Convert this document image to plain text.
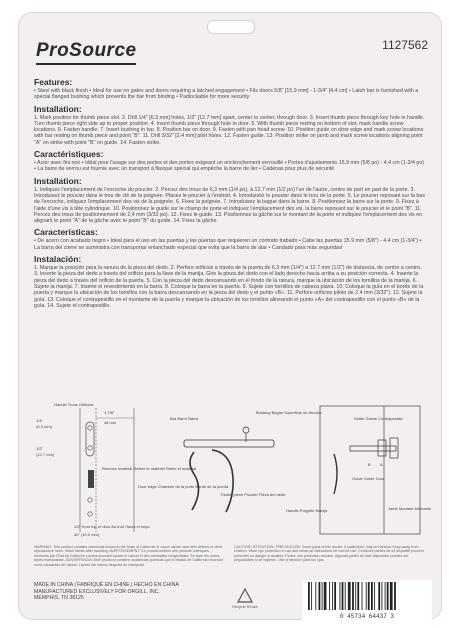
ProSource	1127562
Features:

• Steel with black finish • Ideal for use on gates and doors requiring a latched engagement • Fits doors 5/8" [15.9 mm] - 1-3/4" [4.4 cm] • Latch bar is furnished with a special flanged bushing which prevents the bar from binding • Padlockable for more security

Installation:

1. Mark position for thumb piece slot. 2. Drill 1/4" [6.3 mm] holes, 1/2" [12.7 mm] apart, center to center, through door. 3. Insert thumb piece through key hole in handle. Turn thumb piece right side up to proper position. 4. Insert thumb piece through hole in door. 5. With thumb piece resting on bottom of slot, mark handle screw locations. 6. Fasten handle. 7. Insert bushing in bar. 8. Position bar on door. 9. Fasten with pan head screw. 10. Position guide on door edge and mark screw locations with bar resting on thumb piece and point "B". 11. Drill 3/32" [2.4 mm] pilot holes. 12. Fasten guide. 13. Position strike on jamb and mark screw locations aligning point "A" on strike with point "B" on guide. 14. Fasten strike.

Caractéristiques:

• Acier avec fini noir • Idéal pour l'usage sur des portes et des portes exigeant un enclenchement verrouillé • Portes d'ajustements 15,9 mm (5/8 po) - 4,4 cm (1-3/4 po) • La barre de verrou est fournie avec un transport à flasque spécial qui empêche la barre de lier • Cadenas pour plus de sécurité

Installation:

1. Indiquez l'emplacement de l'encoche du poucier. 2. Percez des trous de 6,3 mm (1/4 po), à 12,7 mm (1/2 po) l'un de l'autre, centre de part en part de la porte. 3. Introduisez le poucier dans le trou de clé de la poignée. Placez le poucier à l'endroit. 4. Introduisez le poucier dans le trou de la porte. 5. Le poucier reposant sur la bas de l'encoche, indiquez l'emplacement des vis de la poignée. 6. Fixez la poignée. 7. Introduisez la bague dans la barre. 8. Positionnez la barre sur la porte. 9. Fixez à l'aide d'une vis à tête cylindrique. 10. Positionnez le guide sur le champ de porte et indiquez l'emplacement des vis, la barre reposant sur le poucier et le point "B". 11. Percez des trous de positionnement de 2,4 mm (3/32 po). 12. Fixez le guide. 13. Positionnez la gâche sur le montant de la porte et indiquez l'emplacement des vis en alignant le point "A" de la gâche avec le point "B" du guide. 14. Fixez la gâche.

Características:

• De acero con acabado negro • Ideal para el uso en las puertas y las puertas que requieren un contrato trabado • Cabe las puertas 15.9 mm (5/8") - 4.4 cm (1-3/4") • La barra del cierre se suministra con transportar enlanchado especial que evita que la barra de atar • Candado para más seguridad

Instalación:

1. Marque la posición para la ranura de la pieza del dedo. 2. Perfore orificios a través de la puerta de 6.3 mm (1/4") a 12.7 mm (1/2") de distancia, de centro a centro. 3. Inserte la pieza del dedo a través del orificio para la llave de la manija. Gire la pieza del dedo con el lado derecho hacia arriba a su posición correcta. 4. Inserte la pieza del dedo a través del orificio de la puerta. 5. Con la pieza del dedo descansando en el fondo de la ranura, marque la ubicación de los tornillos de la manija. 6. Sujete la manija. 7. Inserte el revestimiento en la barra. 8. Coloque la barra en la puerta. 9. Sujete con tornillos de cabeza plana. 10. Coloque la guía en el borde de la puerta y marque la ubicación de los tornillos con la barra descansando en la pieza del dedo y el punto «B». 11. Perfore orificios piloto de 2.4 mm (3/32"). 12. Sujete la guía. 13. Coloque el contrapestillo en el montante de la puerta y marque la ubicación de los tornillos alineando el punto «A» del contrapestillo con el punto «B» de la guía. 14. Sujete el contrapestillo.

Handle Trous Orificios
1-7/8"
48 mm
1/4"
(6.3 mm)
1/2"
(12.7 mm)
Remove material Retirer le matériel Retire el material
Door edge Chambre de la porte Borde de la puerta
1/2" from top of door Au trou Hacia el hoyo
40" (10.2 mm)
Bar Barre Barra
Bushing Bague Superficie de fricción
Thumb piece Poucier Pieza del dedo
Handle Poignée Manija
Strike Gâche Contrapestillo
Guide Guide Guía
A
B
Jamb Montant Montante
WARNING: This product contains chemicals known to the State of California to cause cancer and birth defects or other reproductive harm. Wash hands after handling. AVERTISSEMENT: Ce produit contient des produits chimiques reconnus par l'État de Californie comme pouvant causer le cancer et des anomalies congénitales. Se laver les mains après manipulation. ADVERTENCIA: Este producto contiene sustancias químicas que el estado de California reconoce como causantes de cáncer. Lávese las manos después de manipular.
CAUTION / ATTENTION / PRECAUCIÓN: Some parts of this device, if swallowed, may be harmful. Keep away from children. Wear eye protection in use and follow all instructions for correct use. Certaines parties de ce dispositif peuvent présenter un danger si avalées. Portez une protection oculaire. Algunas partes de este dispositivo pueden ser perjudiciales si se ingieren. Use protección para los ojos.
MADE IN CHINA | FABRIQUÉ EN CHINE | HECHO EN CHINA
MANUFACTURED EXCLUSIVELY FOR ORGILL, INC.
MEMPHIS, TN 38125
Recycle Reuse
0 45734 64437 3
